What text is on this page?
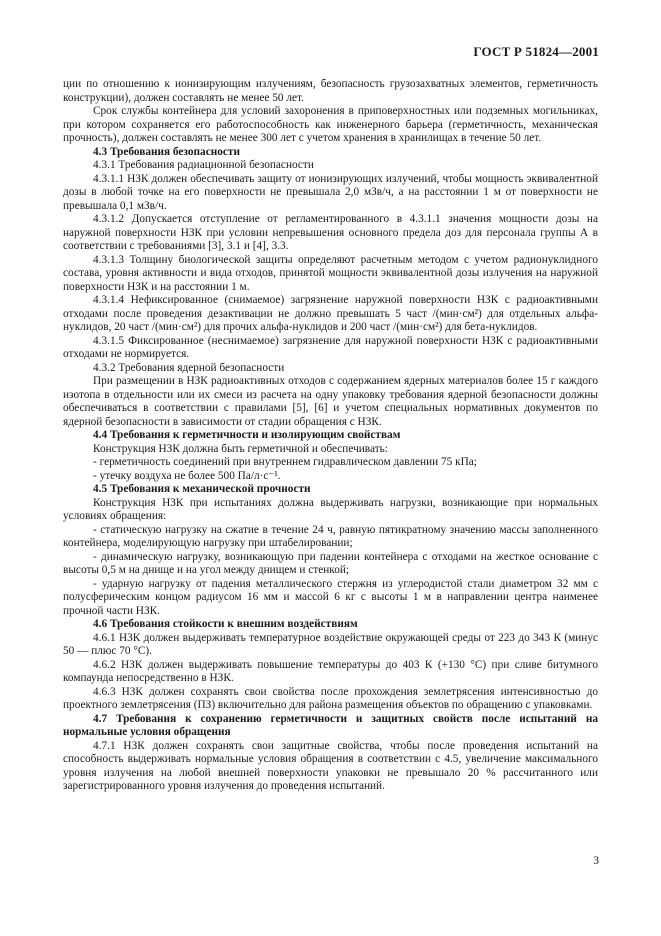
ГОСТ Р 51824—2001

ции по отношению к ионизирующим излучениям, безопасность грузозахватных элементов, герметичность конструкции), должен составлять не менее 50 лет.

Срок службы контейнера для условий захоронения в приповерхностных или подземных могильниках, при котором сохраняется его работоспособность как инженерного барьера (герметичность, механическая прочность), должен составлять не менее 300 лет с учетом хранения в хранилищах в течение 50 лет.

4.3 Требования безопасности

4.3.1 Требования радиационной безопасности

4.3.1.1 НЗК должен обеспечивать защиту от ионизирующих излучений, чтобы мощность эквивалентной дозы в любой точке на его поверхности не превышала 2,0 мЗв/ч, а на расстоянии 1 м от поверхности не превышала 0,1 мЗв/ч.

4.3.1.2 Допускается отступление от регламентированного в 4.3.1.1 значения мощности дозы на наружной поверхности НЗК при условии непревышения основного предела доз для персонала группы А в соответствии с требованиями [3], 3.1 и [4], 3.3.

4.3.1.3 Толщину биологической защиты определяют расчетным методом с учетом радионуклидного состава, уровня активности и вида отходов, принятой мощности эквивалентной дозы излучения на наружной поверхности НЗК и на расстоянии 1 м.

4.3.1.4 Нефиксированное (снимаемое) загрязнение наружной поверхности НЗК с радиоактивными отходами после проведения дезактивации не должно превышать 5 част /(мин·см²) для отдельных альфа-нуклидов, 20 част /(мин·см²) для прочих альфа-нуклидов и 200 част /(мин·см²) для бета-нуклидов.

4.3.1.5 Фиксированное (неснимаемое) загрязнение для наружной поверхности НЗК с радиоактивными отходами не нормируется.

4.3.2 Требования ядерной безопасности

При размещении в НЗК радиоактивных отходов с содержанием ядерных материалов более 15 г каждого изотопа в отдельности или их смеси из расчета на одну упаковку требования ядерной безопасности должны обеспечиваться в соответствии с правилами [5], [6] и учетом специальных нормативных документов по ядерной безопасности в зависимости от стадии обращения с НЗК.

4.4 Требования к герметичности и изолирующим свойствам

Конструкция НЗК должна быть герметичной и обеспечивать:

- герметичность соединений при внутреннем гидравлическом давлении 75 кПа;

- утечку воздуха не более 500 Па/л·с⁻¹.

4.5 Требования к механической прочности

Конструкция НЗК при испытаниях должна выдерживать нагрузки, возникающие при нормальных условиях обращения:

- статическую нагрузку на сжатие в течение 24 ч, равную пятикратному значению массы заполненного контейнера, моделирующую нагрузку при штабелировании;

- динамическую нагрузку, возникающую при падении контейнера с отходами на жесткое основание с высоты 0,5 м на днище и на угол между днищем и стенкой;

- ударную нагрузку от падения металлического стержня из углеродистой стали диаметром 32 мм с полусферическим концом радиусом 16 мм и массой 6 кг с высоты 1 м в направлении центра наименее прочной части НЗК.

4.6 Требования стойкости к внешним воздействиям

4.6.1 НЗК должен выдерживать температурное воздействие окружающей среды от 223 до 343 К (минус 50 — плюс 70 °С).

4.6.2 НЗК должен выдерживать повышение температуры до 403 К (+130 °С) при сливе битумного компаунда непосредственно в НЗК.

4.6.3 НЗК должен сохранять свои свойства после прохождения землетрясения интенсивностью до проектного землетрясения (ПЗ) включительно для района размещения объектов по обращению с упаковками.

4.7 Требования к сохранению герметичности и защитных свойств после испытаний на нормальные условия обращения

4.7.1 НЗК должен сохранять свои защитные свойства, чтобы после проведения испытаний на способность выдерживать нормальные условия обращения в соответствии с 4.5, увеличение максимального уровня излучения на любой внешней поверхности упаковки не превышало 20 % рассчитанного или зарегистрированного уровня излучения до проведения испытаний.

3
